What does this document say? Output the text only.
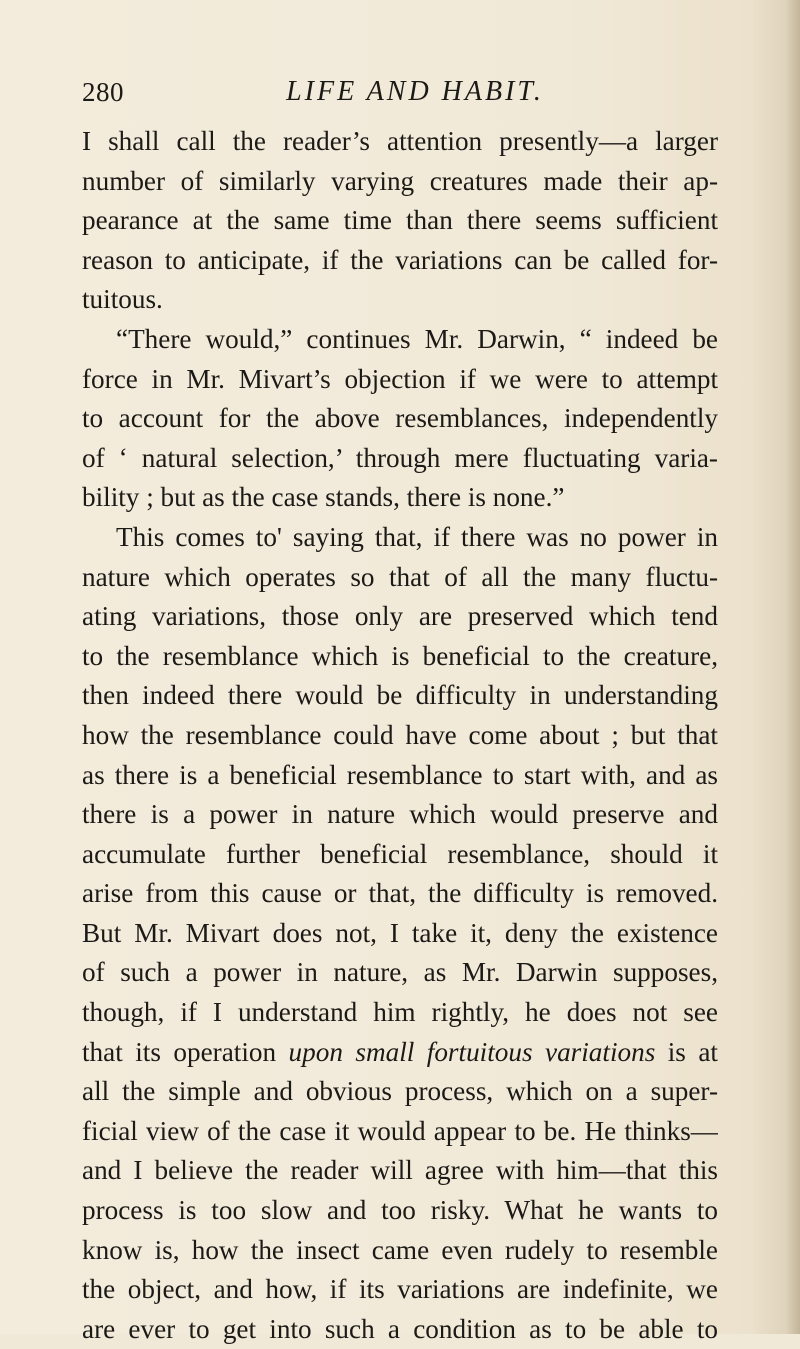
280	LIFE AND HABIT.

I shall call the reader’s attention presently—a larger
number of similarly varying creatures made their ap-
pearance at the same time than there seems sufficient
reason to anticipate, if the variations can be called for-
tuitous.

“There would,” continues Mr. Darwin, “ indeed be
force in Mr. Mivart’s objection if we were to attempt
to account for the above resemblances, independently
of ‘ natural selection,’ through mere fluctuating varia-
bility ; but as the case stands, there is none.”

This comes to' saying that, if there was no power in
nature which operates so that of all the many fluctu-
ating variations, those only are preserved which tend
to the resemblance which is beneficial to the creature,
then indeed there would be difficulty in understanding
how the resemblance could have come about ; but that
as there is a beneficial resemblance to start with, and as
there is a power in nature which would preserve and
accumulate further beneficial resemblance, should it
arise from this cause or that, the difficulty is removed.
But Mr. Mivart does not, I take it, deny the existence
of such a power in nature, as Mr. Darwin supposes,
though, if I understand him rightly, he does not see
that its operation upon small fortuitous variations is at
all the simple and obvious process, which on a super-
ficial view of the case it would appear to be. He thinks—
and I believe the reader will agree with him—that this
process is too slow and too risky. What he wants to
know is, how the insect came even rudely to resemble
the object, and how, if its variations are indefinite, we
are ever to get into such a condition as to be able to
